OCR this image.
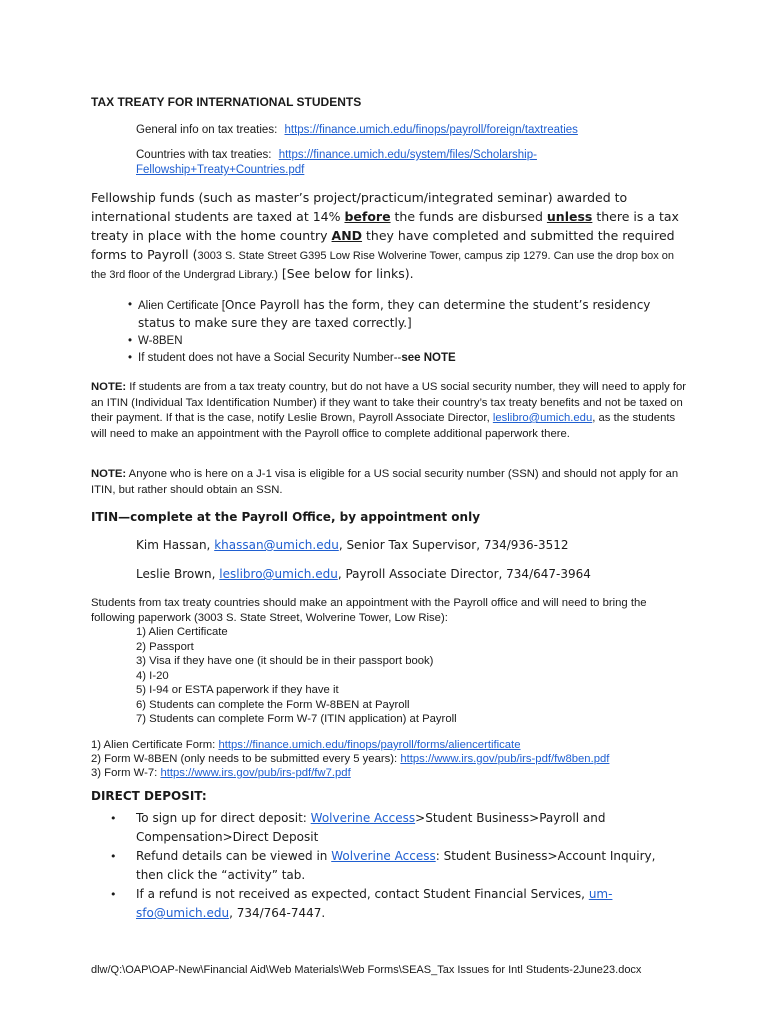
TAX TREATY FOR INTERNATIONAL STUDENTS
General info on tax treaties: https://finance.umich.edu/finops/payroll/foreign/taxtreaties
Countries with tax treaties: https://finance.umich.edu/system/files/Scholarship-
Fellowship+Treaty+Countries.pdf
Fellowship funds (such as master’s project/practicum/integrated seminar) awarded to international students are taxed at 14% before the funds are disbursed unless there is a tax treaty in place with the home country AND they have completed and submitted the required forms to Payroll (3003 S. State Street G395 Low Rise Wolverine Tower, campus zip 1279. Can use the drop box on the 3rd floor of the Undergrad Library.) [See below for links).
• Alien Certificate [Once Payroll has the form, they can determine the student’s residency status to make sure they are taxed correctly.]
• W-8BEN
• If student does not have a Social Security Number--see NOTE
NOTE: If students are from a tax treaty country, but do not have a US social security number, they will need to apply for an ITIN (Individual Tax Identification Number) if they want to take their country’s tax treaty benefits and not be taxed on their payment. If that is the case, notify Leslie Brown, Payroll Associate Director, leslibro@umich.edu, as the students will need to make an appointment with the Payroll office to complete additional paperwork there.
NOTE: Anyone who is here on a J-1 visa is eligible for a US social security number (SSN) and should not apply for an ITIN, but rather should obtain an SSN.
ITIN—complete at the Payroll Office, by appointment only
Kim Hassan, khassan@umich.edu, Senior Tax Supervisor, 734/936-3512
Leslie Brown, leslibro@umich.edu, Payroll Associate Director, 734/647-3964
Students from tax treaty countries should make an appointment with the Payroll office and will need to bring the following paperwork (3003 S. State Street, Wolverine Tower, Low Rise):
1) Alien Certificate
2) Passport
3) Visa if they have one (it should be in their passport book)
4) I-20
5) I-94 or ESTA paperwork if they have it
6) Students can complete the Form W-8BEN at Payroll
7) Students can complete Form W-7 (ITIN application) at Payroll
1) Alien Certificate Form: https://finance.umich.edu/finops/payroll/forms/aliencertificate
2) Form W-8BEN (only needs to be submitted every 5 years): https://www.irs.gov/pub/irs-pdf/fw8ben.pdf
3) Form W-7: https://www.irs.gov/pub/irs-pdf/fw7.pdf
DIRECT DEPOSIT:
•	To sign up for direct deposit: Wolverine Access>Student Business>Payroll and Compensation>Direct Deposit
•	Refund details can be viewed in Wolverine Access: Student Business>Account Inquiry, then click the “activity” tab.
•	If a refund is not received as expected, contact Student Financial Services, um-sfo@umich.edu, 734/764-7447.
dlw/Q:\OAP\OAP-New\Financial Aid\Web Materials\Web Forms\SEAS_Tax Issues for Intl Students-2June23.docx
